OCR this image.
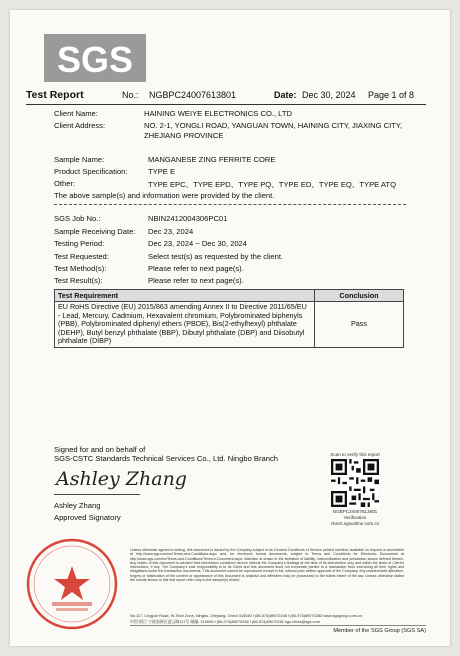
SGS
Test Report	No.: NGBPC24007613801	Date: Dec 30, 2024 Page 1 of 8
Client Name:	HAINING WEIYE ELECTRONICS CO., LTD
Client Address:	NO. 2-1, YONGLI ROAD, YANGUAN TOWN, HAINING CITY, JIAXING CITY, ZHEJIANG PROVINCE
Sample Name:	MANGANESE ZING FERRITE CORE
Product Specification:	TYPE E
Other:	TYPE EPC、TYPE EPD、TYPE PQ、TYPE ED、TYPE EQ、TYPE ATQ
The above sample(s) and information were provided by the client.
SGS Job No.:	NBIN2412004306PC01
Sample Receiving Date: Dec 23, 2024
Testing Period:	Dec 23, 2024 ~ Dec 30, 2024
Test Requested:	Select test(s) as requested by the client.
Test Method(s):	Please refer to next page(s).
Test Result(s):	Please refer to next page(s).
Test Requirement	Conclusion
EU RoHS Directive (EU) 2015/863 amending Annex II to Directive 2011/65/EU - Lead, Mercury, Cadmium, Hexavalent chromium, Polybrominated biphenyls (PBB), Polybrominated diphenyl ethers (PBDE), Bis(2-ethylhexyl) phthalate (DEHP), Butyl benzyl phthalate (BBP), Dibutyl phthalate (DBP) and Diisobutyl phthalate (DIBP)	Pass
Signed for and on behalf of
SGS-CSTC Standards Technical Services Co., Ltd. Ningbo Branch
Ashley Zhang
Ashley Zhang
Approved Signatory
Scan to verify this report
NGBPC24007613801
Verification
check.sgsonline.com.cn
Unless otherwise agreed in writing, this document is issued by the Company subject to its General Conditions of Service printed overleaf, available on request or accessible at http://www.sgs.com/en/Terms-and-Conditions.aspx and, for electronic format documents, subject to Terms and Conditions for Electronic Documents at http://www.sgs.com/en/Terms-and-Conditions/Terms-e-Document.aspx. Attention is drawn to the limitation of liability, indemnification and jurisdiction issues defined therein. Any holder of this document is advised that information contained hereon reflects the Company's findings at the time of its intervention only and within the limits of Client's instructions, if any. The Company's sole responsibility is to its Client and this document does not exonerate parties to a transaction from exercising all their rights and obligations under the transaction documents. This document cannot be reproduced except in full, without prior written approval of the Company. Any unauthorized alteration, forgery or falsification of the content or appearance of this document is unlawful and offenders may be prosecuted to the fullest extent of the law. Unless otherwise stated the results shown in this test report refer only to the sample(s) tested.
No.117, Lingyun Road, Hi-Tech Zone, Ningbo, Zhejiang, China 315040 t (86-574)89070248 f (86-574)89070282 www.sgsgroup.com.cn
中国·浙江·宁波高新区凌云路117号 邮编: 315040 t (86-574)89070248 f (86-574)89070282 sgs.china@sgs.com
Member of the SGS Group (SGS SA)
